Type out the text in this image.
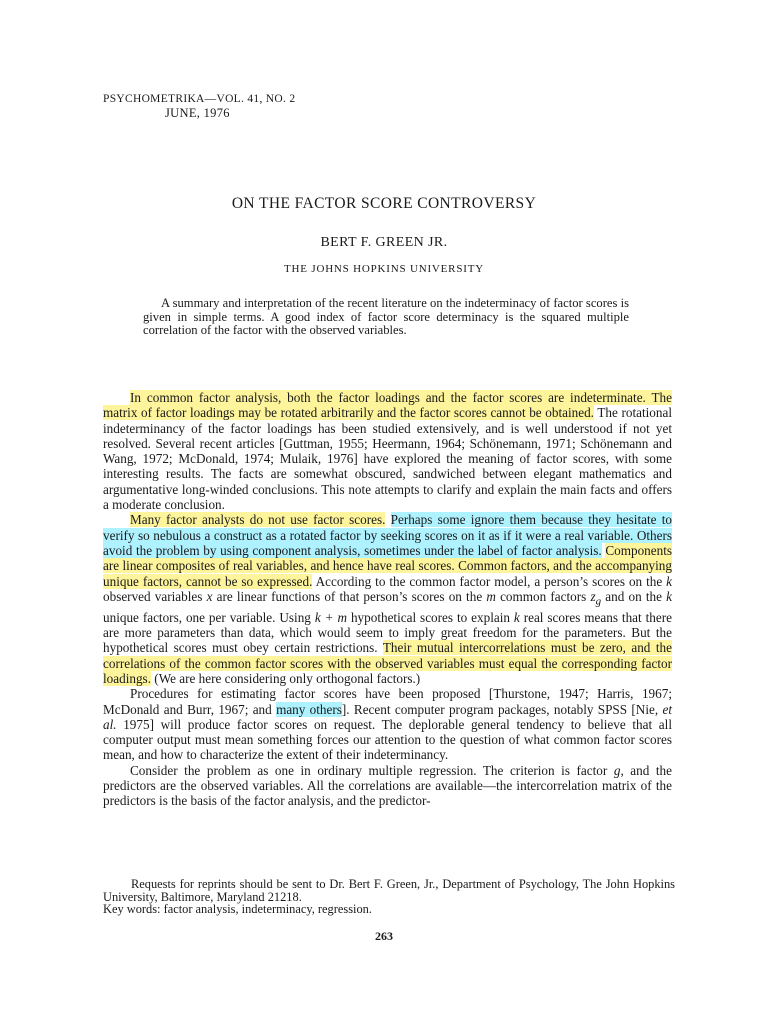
PSYCHOMETRIKA—VOL. 41, NO. 2
JUNE, 1976
ON THE FACTOR SCORE CONTROVERSY
BERT F. GREEN JR.
THE JOHNS HOPKINS UNIVERSITY
A summary and interpretation of the recent literature on the indeterminacy of factor scores is given in simple terms. A good index of factor score determinacy is the squared multiple correlation of the factor with the observed variables.

In common factor analysis, both the factor loadings and the factor scores are indeterminate. The matrix of factor loadings may be rotated arbitrarily and the factor scores cannot be obtained. The rotational indeterminancy of the factor loadings has been studied extensively, and is well understood if not yet resolved. Several recent articles [Guttman, 1955; Heermann, 1964; Schönemann, 1971; Schönemann and Wang, 1972; McDonald, 1974; Mulaik, 1976] have explored the meaning of factor scores, with some interesting results. The facts are somewhat obscured, sandwiched between elegant mathematics and argumentative long-winded conclusions. This note attempts to clarify and explain the main facts and offers a moderate conclusion.

Many factor analysts do not use factor scores. Perhaps some ignore them because they hesitate to verify so nebulous a construct as a rotated factor by seeking scores on it as if it were a real variable. Others avoid the problem by using component analysis, sometimes under the label of factor analysis. Components are linear composites of real variables, and hence have real scores. Common factors, and the accompanying unique factors, cannot be so expressed. According to the common factor model, a person’s scores on the k observed variables x are linear functions of that person’s scores on the m common factors $z_g$ and on the k unique factors, one per variable. Using k + m hypothetical scores to explain k real scores means that there are more parameters than data, which would seem to imply great freedom for the parameters. But the hypothetical scores must obey certain restrictions. Their mutual intercorrelations must be zero, and the correlations of the common factor scores with the observed variables must equal the corresponding factor loadings. (We are here considering only orthogonal factors.)

Procedures for estimating factor scores have been proposed [Thurstone, 1947; Harris, 1967; McDonald and Burr, 1967; and many others]. Recent computer program packages, notably SPSS [Nie, et al. 1975] will produce factor scores on request. The deplorable general tendency to believe that all computer output must mean something forces our attention to the question of what common factor scores mean, and how to characterize the extent of their indeterminancy.

Consider the problem as one in ordinary multiple regression. The criterion is factor g, and the predictors are the observed variables. All the correlations are available—the intercorrelation matrix of the predictors is the basis of the factor analysis, and the predictor-

Requests for reprints should be sent to Dr. Bert F. Green, Jr., Department of Psychology, The John Hopkins University, Baltimore, Maryland 21218.
Key words: factor analysis, indeterminacy, regression.
263
